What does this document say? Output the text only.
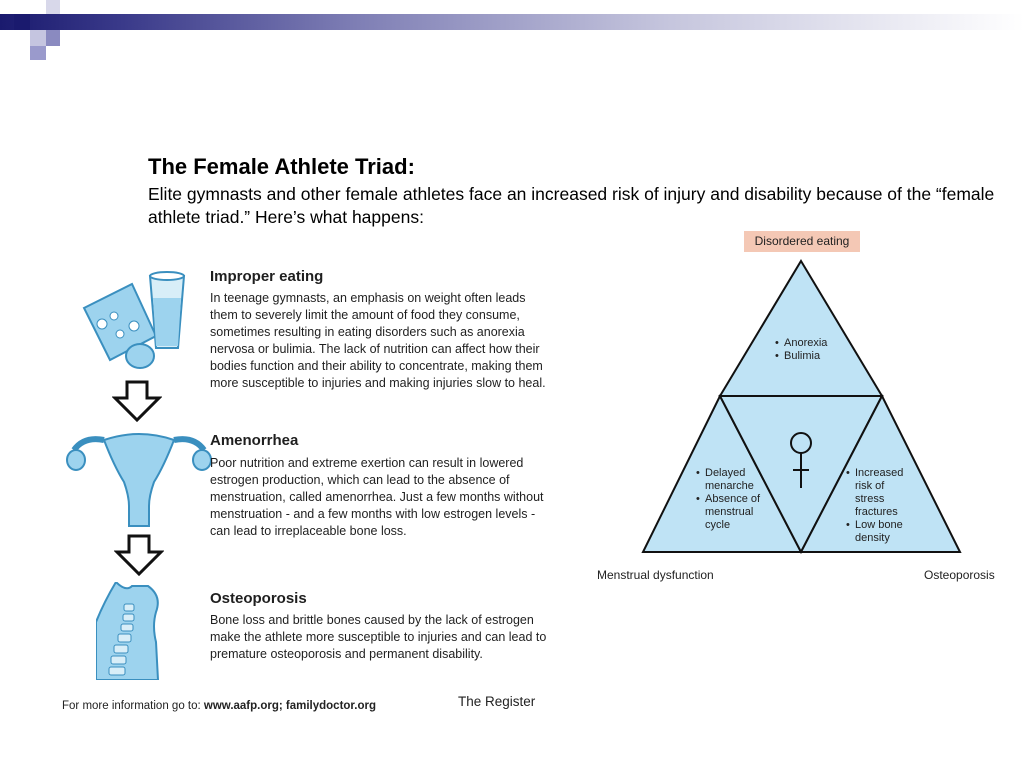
The Female Athlete Triad:
Elite gymnasts and other female athletes face an increased risk of injury and disability because of the “female athlete triad.” Here’s what happens:
Improper eating
In teenage gymnasts, an emphasis on weight often leads them to severely limit the amount of food they consume, sometimes resulting in eating disorders such as anorexia nervosa or bulimia. The lack of nutrition can affect how their bodies function and their ability to concentrate, making them more susceptible to injuries and making injuries slow to heal.
Amenorrhea
Poor nutrition and extreme exertion can result in lowered estrogen production, which can lead to the absence of menstruation, called amenorrhea. Just a few months without menstruation - and a few months with low estrogen levels - can lead to irreplaceable bone loss.
Osteoporosis
Bone loss and brittle bones caused by the lack of estrogen make the athlete more susceptible to injuries and can lead to premature osteoporosis and permanent disability.
For more information go to: www.aafp.org; familydoctor.org	The Register
Disordered eating
• Anorexia
• Bulimia
• Delayed menarche
• Absence of menstrual cycle
• Increased risk of stress fractures
• Low bone density
Menstrual dysfunction	Osteoporosis
